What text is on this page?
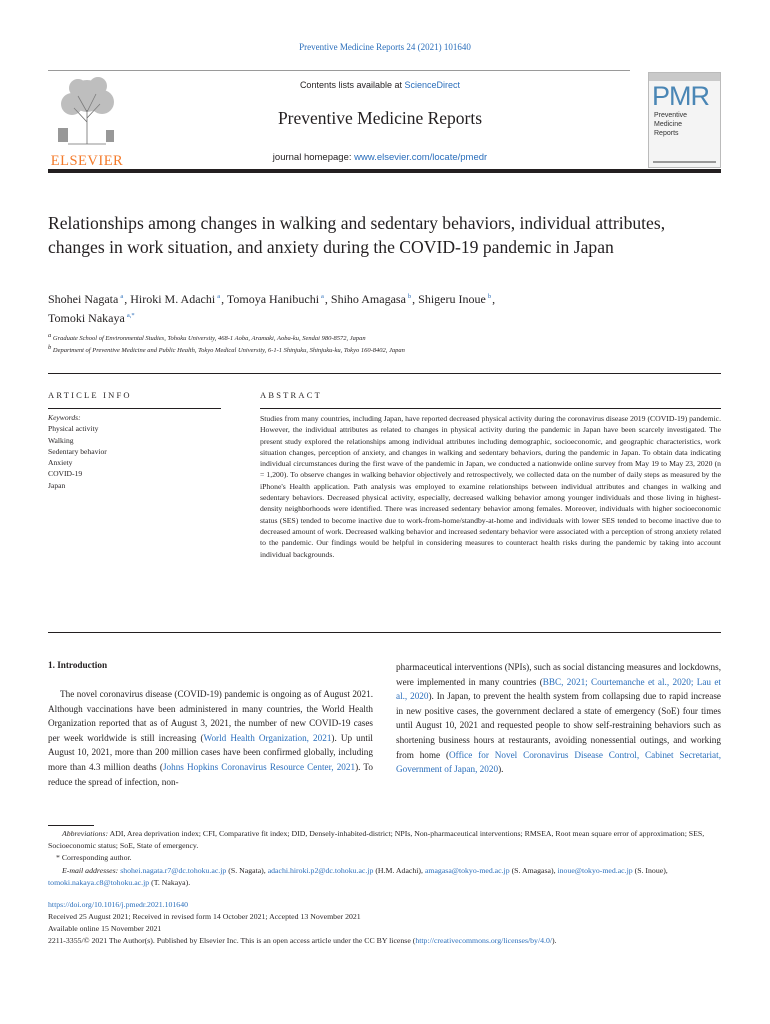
Preventive Medicine Reports 24 (2021) 101640
ELSEVIER
Contents lists available at ScienceDirect
Preventive Medicine Reports
journal homepage: www.elsevier.com/locate/pmedr
PMR
Preventive
Medicine
Reports
Relationships among changes in walking and sedentary behaviors, individual attributes, changes in work situation, and anxiety during the COVID-19 pandemic in Japan
Shohei Nagata $^a$, Hiroki M. Adachi $^a$, Tomoya Hanibuchi $^a$, Shiho Amagasa $^b$, Shigeru Inoue $^b$,
Tomoki Nakaya $^{a,*}$
a Graduate School of Environmental Studies, Tohoku University, 468-1 Aoba, Aramaki, Aoba-ku, Sendai 980-8572, Japan
b Department of Preventive Medicine and Public Health, Tokyo Medical University, 6-1-1 Shinjuku, Shinjuku-ku, Tokyo 160-8402, Japan
ARTICLE INFO
Keywords:
Physical activity
Walking
Sedentary behavior
Anxiety
COVID-19
Japan
ABSTRACT
Studies from many countries, including Japan, have reported decreased physical activity during the coronavirus disease 2019 (COVID-19) pandemic. However, the individual attributes as related to changes in physical activity during the pandemic in Japan have been scarcely investigated. The present study explored the relationships among individual attributes including demographic, socioeconomic, and geographic characteristics, work situation changes, perception of anxiety, and changes in walking and sedentary behaviors, during the pandemic in Japan. To obtain data indicating individual circumstances during the first wave of the pandemic in Japan, we conducted a nationwide online survey from May 19 to May 23, 2020 (n = 1,200). To observe changes in walking behavior objectively and retrospectively, we collected data on the number of daily steps as measured by the iPhone's Health application. Path analysis was employed to examine relationships between individual attributes and changes in walking and sedentary behaviors. Decreased physical activity, especially, decreased walking behavior among younger individuals and those living in highest-density neighborhoods were identified. There was increased sedentary behavior among females. Moreover, individuals with higher socioeconomic status (SES) tended to become inactive due to work-from-home/standby-at-home and individuals with lower SES tended to become inactive due to decreased amount of work. Decreased walking behavior and increased sedentary behavior were associated with a perception of strong anxiety related to the pandemic. Our findings would be helpful in considering measures to counteract health risks during the pandemic by taking into account individual backgrounds.
1. Introduction
The novel coronavirus disease (COVID-19) pandemic is ongoing as of August 2021. Although vaccinations have been administered in many countries, the World Health Organization reported that as of August 3, 2021, the number of new COVID-19 cases per week worldwide is still increasing (World Health Organization, 2021). Up until August 10, 2021, more than 200 million cases have been confirmed globally, including more than 4.3 million deaths (Johns Hopkins Coronavirus Resource Center, 2021). To reduce the spread of infection, non-
pharmaceutical interventions (NPIs), such as social distancing measures and lockdowns, were implemented in many countries (BBC, 2021; Courtemanche et al., 2020; Lau et al., 2020). In Japan, to prevent the health system from collapsing due to rapid increase in new positive cases, the government declared a state of emergency (SoE) four times until August 10, 2021 and requested people to show self-restraining behaviors such as shortening business hours at restaurants, avoiding nonessential outings, and working from home (Office for Novel Coronavirus Disease Control, Cabinet Secretariat, Government of Japan, 2020).
Abbreviations: ADI, Area deprivation index; CFI, Comparative fit index; DID, Densely-inhabited-district; NPIs, Non-pharmaceutical interventions; RMSEA, Root mean square error of approximation; SES, Socioeconomic status; SoE, State of emergency.
* Corresponding author.
E-mail addresses: shohei.nagata.r7@dc.tohoku.ac.jp (S. Nagata), adachi.hiroki.p2@dc.tohoku.ac.jp (H.M. Adachi), amagasa@tokyo-med.ac.jp (S. Amagasa), inoue@tokyo-med.ac.jp (S. Inoue), tomoki.nakaya.c8@tohoku.ac.jp (T. Nakaya).
https://doi.org/10.1016/j.pmedr.2021.101640
Received 25 August 2021; Received in revised form 14 October 2021; Accepted 13 November 2021
Available online 15 November 2021
2211-3355/© 2021 The Author(s). Published by Elsevier Inc. This is an open access article under the CC BY license (http://creativecommons.org/licenses/by/4.0/).
